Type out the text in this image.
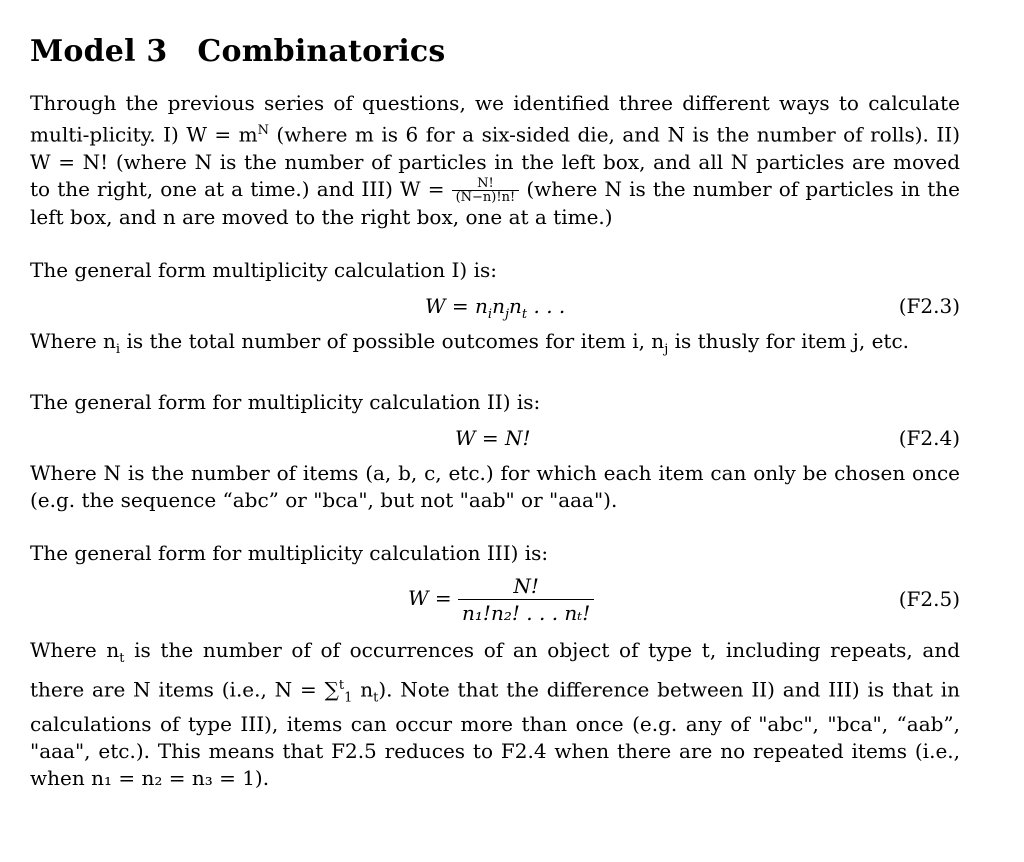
Model 3 Combinatorics

Through the previous series of questions, we identified three different ways to calculate multi-plicity. I) $W = m^N$ (where m is 6 for a six-sided die, and N is the number of rolls). II) W = N! (where N is the number of particles in the left box, and all N particles are moved to the right, one at a time.) and III) $W = \frac{N!}{(N-n)!n!}$ (where N is the number of particles in the left box, and n are moved to the right box, one at a time.)

The general form multiplicity calculation I) is:

$W = n_in_jn_t$ . . .	(F2.3)

Where $n_i$ is the total number of possible outcomes for item i, $n_j$ is thusly for item j, etc.

The general form for multiplicity calculation II) is:

W = N!	(F2.4)

Where N is the number of items (a, b, c, etc.) for which each item can only be chosen once (e.g. the sequence “abc” or "bca", but not "aab" or "aaa").

The general form for multiplicity calculation III) is:

$W = \frac{N!}{\text{n₁!n₂! . . . nₜ!}}$	(F2.5)

Where $n_t$ is the number of of occurrences of an object of type t, including repeats, and there are N items (i.e., N = ∑$^t_1$ $n_t$). Note that the difference between II) and III) is that in calculations of type III), items can occur more than once (e.g. any of "abc", "bca", “aab”, "aaa", etc.). This means that F2.5 reduces to F2.4 when there are no repeated items (i.e., when n₁ = n₂ = n₃ = 1).
